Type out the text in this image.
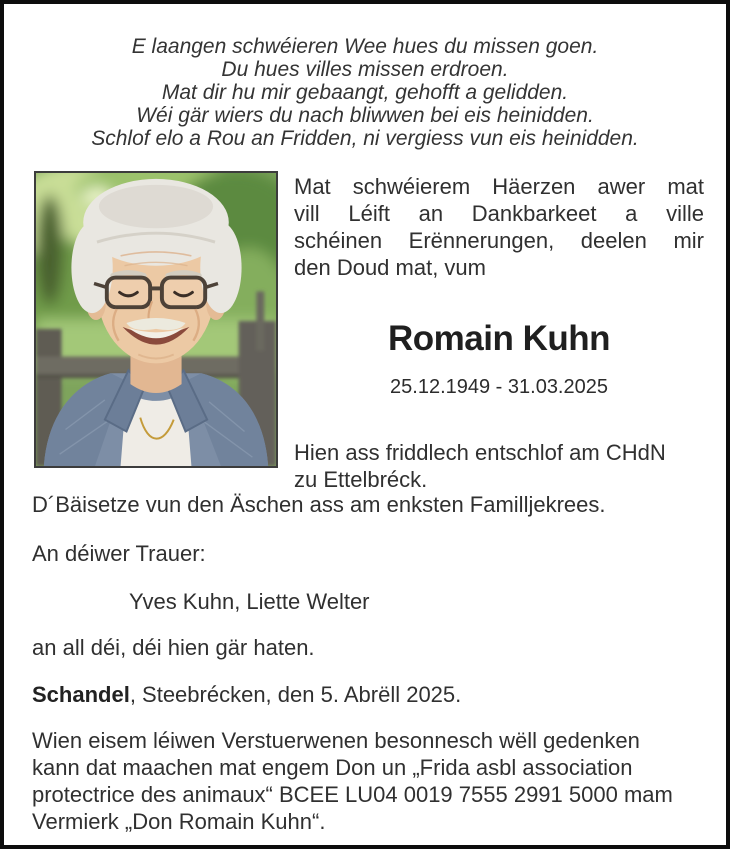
E laangen schwéieren Wee hues du missen goen.
Du hues villes missen erdroen.
Mat dir hu mir gebaangt, gehofft a gelidden.
Wéi gär wiers du nach bliwwen bei eis heinidden.
Schlof elo a Rou an Fridden, ni vergiess vun eis heinidden.
Mat schwéierem Häerzen awer mat
vill Léift an Dankbarkeet a ville
schéinen Erënnerungen, deelen mir
den Doud mat, vum
Romain Kuhn
25.12.1949 - 31.03.2025
Hien ass friddlech entschlof am CHdN
zu Ettelbréck.
D´Bäisetze vun den Äschen ass am enksten Familljekrees.
An déiwer Trauer:
Yves Kuhn, Liette Welter
an all déi, déi hien gär haten.
Schandel, Steebrécken, den 5. Abrëll 2025.
Wien eisem léiwen Verstuerwenen besonnesch wëll gedenken
kann dat maachen mat engem Don un „Frida asbl association
protectrice des animaux“ BCEE LU04 0019 7555 2991 5000 mam
Vermierk „Don Romain Kuhn“.
